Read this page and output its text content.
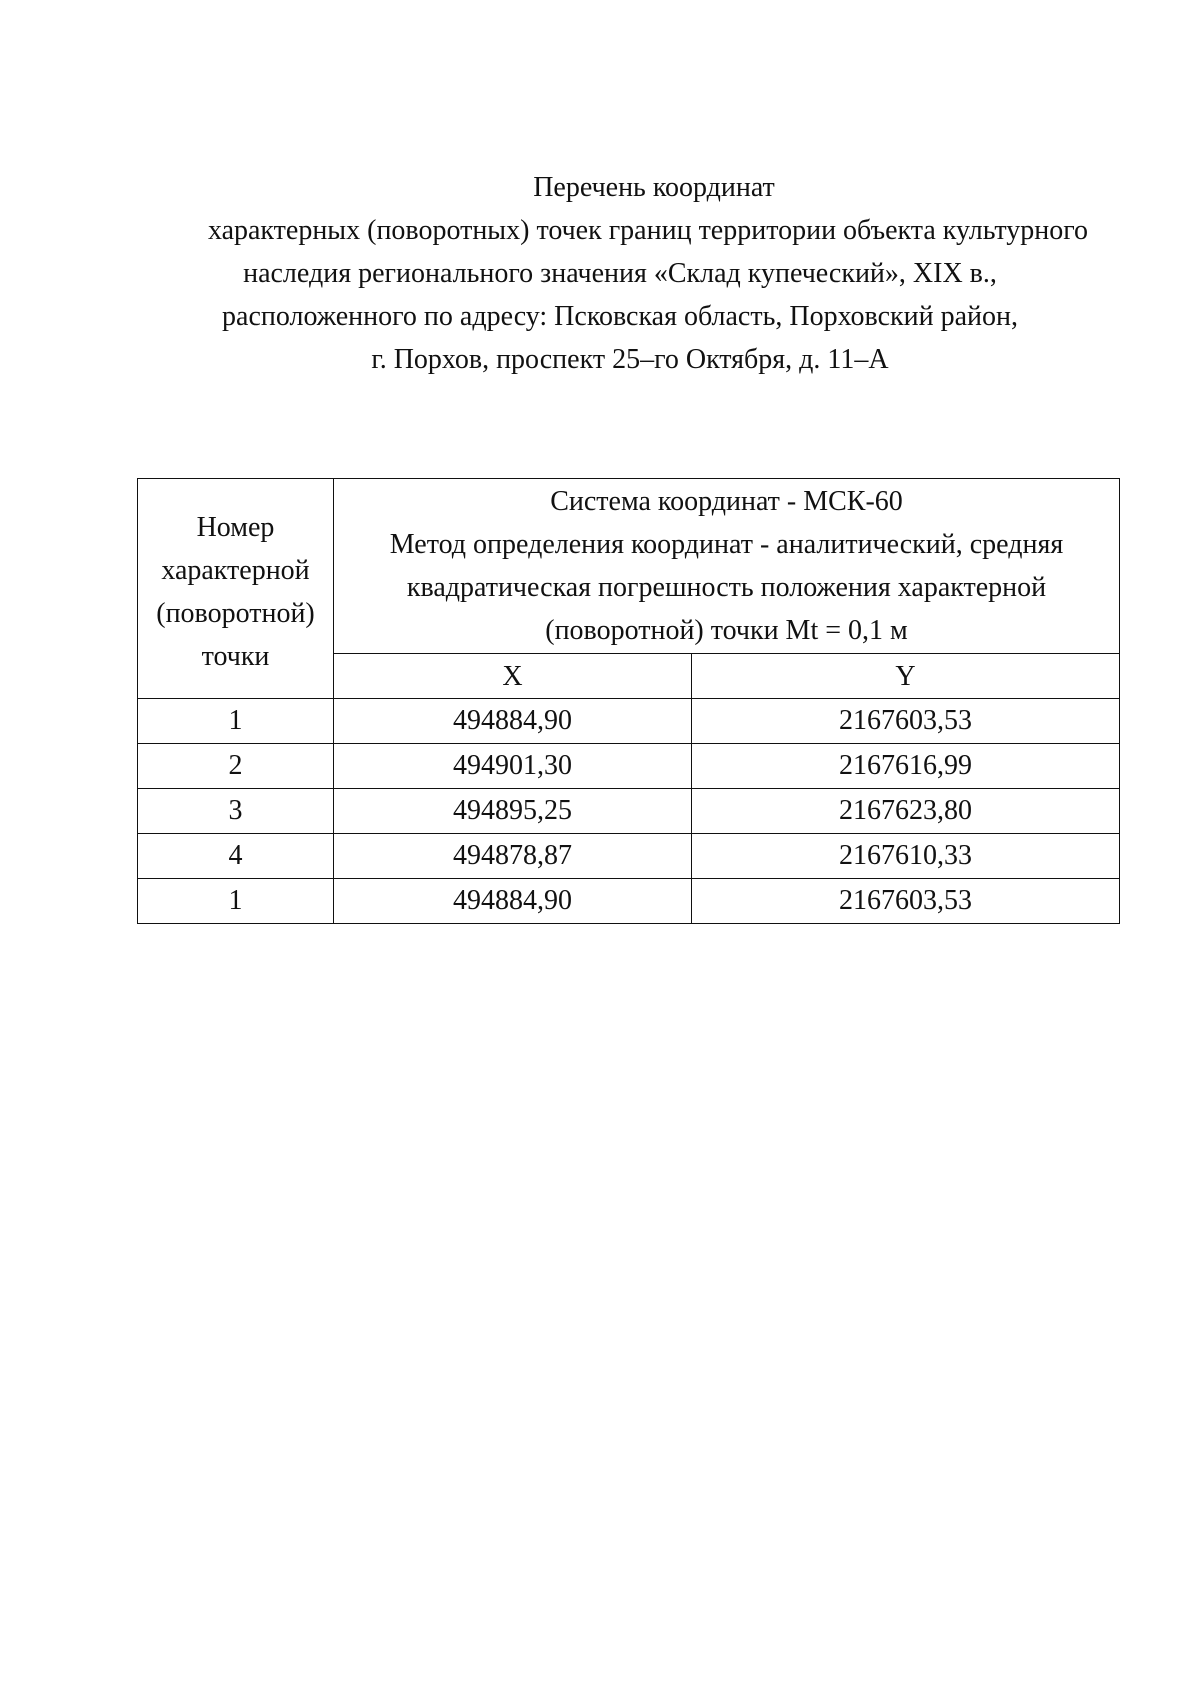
Перечень координат
характерных (поворотных) точек границ территории объекта культурного
наследия регионального значения «Склад купеческий», XIX в.,
расположенного по адресу: Псковская область, Порховский район,
г. Порхов, проспект 25–го Октября, д. 11–А
Номер
характерной
(поворотной)
точки	Система координат - МСК-60
Метод определения координат - аналитический, средняя
квадратическая погрешность положения характерной
(поворотной) точки Mt = 0,1 м	

	X	Y
1	494884,90	2167603,53
2	494901,30	2167616,99
3	494895,25	2167623,80
4	494878,87	2167610,33
1	494884,90	2167603,53
